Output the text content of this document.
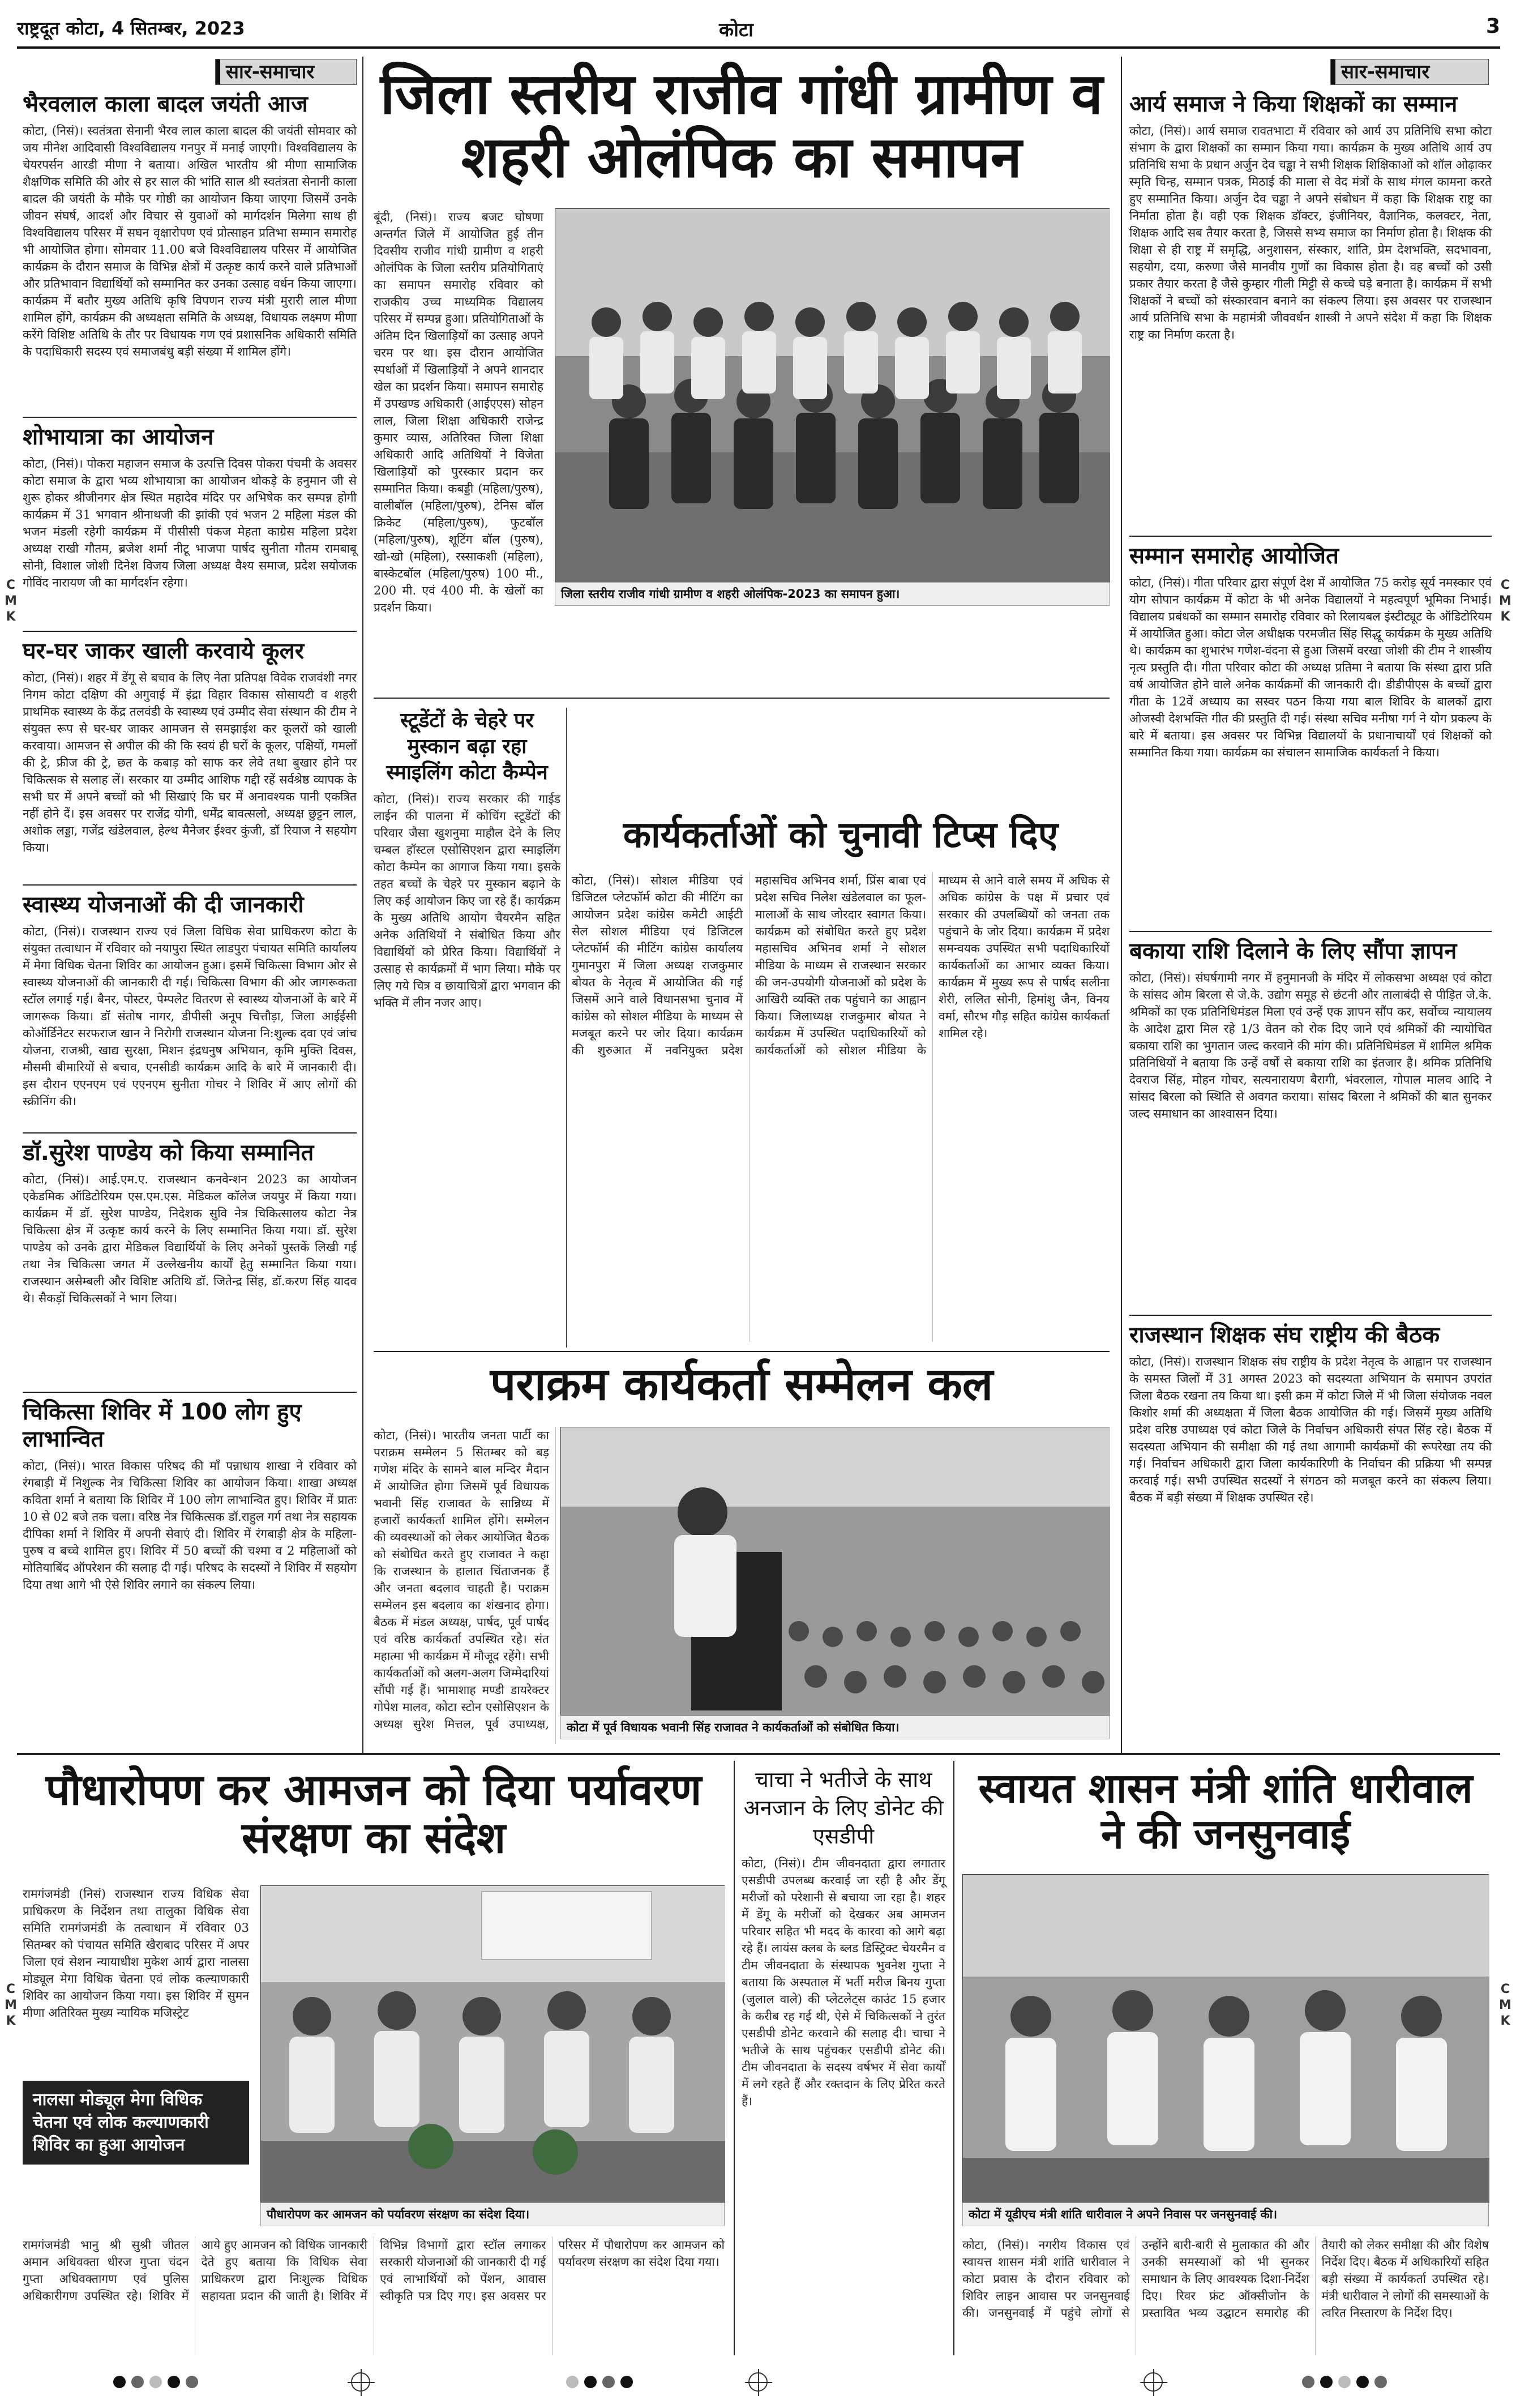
राष्ट्रदूत कोटा, 4 सितम्बर, 2023	कोटा	3
सार-समाचार
भैरवलाल काला बादल जयंती आज

कोटा, (निसं)। स्वतंत्रता सेनानी भैरव लाल काला बादल की जयंती सोमवार को जय मीनेश आदिवासी विश्वविद्यालय गनपुर में मनाई जाएगी। विश्वविद्यालय के चेयरपर्सन आरडी मीणा ने बताया। अखिल भारतीय श्री मीणा सामाजिक शैक्षणिक समिति की ओर से हर साल की भांति साल श्री स्वतंत्रता सेनानी काला बादल की जयंती के मौके पर गोष्ठी का आयोजन किया जाएगा जिसमें उनके जीवन संघर्ष, आदर्श और विचार से युवाओं को मार्गदर्शन मिलेगा साथ ही विश्वविद्यालय परिसर में सघन वृक्षारोपण एवं प्रोत्साहन प्रतिभा सम्मान समारोह भी आयोजित होगा। सोमवार 11.00 बजे विश्वविद्यालय परिसर में आयोजित कार्यक्रम के दौरान समाज के विभिन्न क्षेत्रों में उत्कृष्ट कार्य करने वाले प्रतिभाओं और प्रतिभावान विद्यार्थियों को सम्मानित कर उनका उत्साह वर्धन किया जाएगा। कार्यक्रम में बतौर मुख्य अतिथि कृषि विपणन राज्य मंत्री मुरारी लाल मीणा शामिल होंगे, कार्यक्रम की अध्यक्षता समिति के अध्यक्ष, विधायक लक्ष्मण मीणा करेंगे विशिष्ट अतिथि के तौर पर विधायक गण एवं प्रशासनिक अधिकारी समिति के पदाधिकारी सदस्य एवं समाजबंधु बड़ी संख्या में शामिल होंगे।

शोभायात्रा का आयोजन

कोटा, (निसं)। पोकरा महाजन समाज के उत्पत्ति दिवस पोकरा पंचमी के अवसर कोटा समाज के द्वारा भव्य शोभायात्रा का आयोजन थोकड़े के हनुमान जी से शुरू होकर श्रीजीनगर क्षेत्र स्थित महादेव मंदिर पर अभिषेक कर सम्पन्न होगी कार्यक्रम में 31 भगवान श्रीनाथजी की झांकी एवं भजन 2 महिला मंडल की भजन मंडली रहेगी कार्यक्रम में पीसीसी पंकज मेहता काग्रेस महिला प्रदेश अध्यक्ष राखी गौतम, ब्रजेश शर्मा नीटू भाजपा पार्षद सुनीता गौतम रामबाबू सोनी, विशाल जोशी दिनेश विजय जिला अध्यक्ष वैश्य समाज, प्रदेश सयोजक गोविंद नारायण जी का मार्गदर्शन रहेगा।

घर-घर जाकर खाली करवाये कूलर

कोटा, (निसं)। शहर में डेंगू से बचाव के लिए नेता प्रतिपक्ष विवेक राजवंशी नगर निगम कोटा दक्षिण की अगुवाई में इंद्रा विहार विकास सोसायटी व शहरी प्राथमिक स्वास्थ्य के केंद्र तलवंडी के स्वास्थ्य एवं उम्मीद सेवा संस्थान की टीम ने संयुक्त रूप से घर-घर जाकर आमजन से समझाईश कर कूलरों को खाली करवाया। आमजन से अपील की की कि स्वयं ही घरों के कूलर, पक्षियों, गमलों की ट्रे, फ्रीज की ट्रे, छत के कबाड़ को साफ कर लेवे तथा बुखार होने पर चिकित्सक से सलाह लें। सरकार या उम्मीद आशिफ गद्दी रहें सर्वश्रेष्ठ व्यापक के सभी घर में अपने बच्चों को भी सिखाएं कि घर में अनावश्यक पानी एकत्रित नहीं होने दें। इस अवसर पर राजेंद्र योगी, धर्मेंद्र बावत्सलो, अध्यक्ष छुट्टन लाल, अशोक लड्डा, गजेंद्र खंडेलवाल, हेल्थ मैनेजर ईश्वर कुंजी, डॉ रियाज ने सहयोग किया।

स्वास्थ्य योजनाओं की दी जानकारी

कोटा, (निसं)। राजस्थान राज्य एवं जिला विधिक सेवा प्राधिकरण कोटा के संयुक्त तत्वाधान में रविवार को नयापुरा स्थित लाडपुरा पंचायत समिति कार्यालय में मेगा विधिक चेतना शिविर का आयोजन हुआ। इसमें चिकित्सा विभाग ओर से स्वास्थ्य योजनाओं की जानकारी दी गई। चिकित्सा विभाग की ओर जागरूकता स्टॉल लगाई गई। बैनर, पोस्टर, पेम्पलेट वितरण से स्वास्थ्य योजनाओं के बारे में जागरूक किया। डॉ संतोष नागर, डीपीसी अनूप चित्तौड़ा, जिला आईईसी कोऑर्डिनेटर सरफराज खान ने निरोगी राजस्थान योजना नि:शुल्क दवा एवं जांच योजना, राजश्री, खाद्य सुरक्षा, मिशन इंद्रधनुष अभियान, कृमि मुक्ति दिवस, मौसमी बीमारियों से बचाव, एनसीडी कार्यक्रम आदि के बारे में जानकारी दी। इस दौरान एएनएम एवं एएनएम सुनीता गोचर ने शिविर में आए लोगों की स्क्रीनिंग की।

डॉ.सुरेश पाण्डेय को किया सम्मानित

कोटा, (निसं)। आई.एम.ए. राजस्थान कनवेन्शन 2023 का आयोजन एकेडमिक ऑडिटोरियम एस.एम.एस. मेडिकल कॉलेज जयपुर में किया गया। कार्यक्रम में डॉ. सुरेश पाण्डेय, निदेशक सुवि नेत्र चिकित्सालय कोटा नेत्र चिकित्सा क्षेत्र में उत्कृष्ट कार्य करने के लिए सम्मानित किया गया। डॉ. सुरेश पाण्डेय को उनके द्वारा मेडिकल विद्यार्थियों के लिए अनेकों पुस्तकें लिखी गई तथा नेत्र चिकित्सा जगत में उल्लेखनीय कार्यों हेतु सम्मानित किया गया। राजस्थान असेम्बली और विशिष्ट अतिथि डॉ. जितेन्द्र सिंह, डॉ.करण सिंह यादव थे। सैकड़ों चिकित्सकों ने भाग लिया।

चिकित्सा शिविर में 100 लोग हुए लाभान्वित

कोटा, (निसं)। भारत विकास परिषद की माँ पन्नाधाय शाखा ने रविवार को रंगबाड़ी में निशुल्क नेत्र चिकित्सा शिविर का आयोजन किया। शाखा अध्यक्ष कविता शर्मा ने बताया कि शिविर में 100 लोग लाभान्वित हुए। शिविर में प्रातः 10 से 02 बजे तक चला। वरिष्ठ नेत्र चिकित्सक डॉ.राहुल गर्ग तथा नेत्र सहायक दीपिका शर्मा ने शिविर में अपनी सेवाएं दी। शिविर में रंगबाड़ी क्षेत्र के महिला-पुरुष व बच्चे शामिल हुए। शिविर में 50 बच्चों की चश्मा व 2 महिलाओं को मोतियाबिंद ऑपरेशन की सलाह दी गई। परिषद के सदस्यों ने शिविर में सहयोग दिया तथा आगे भी ऐसे शिविर लगाने का संकल्प लिया।

जिला स्तरीय राजीव गांधी ग्रामीण व शहरी ओलंपिक का समापन
बूंदी, (निसं)। राज्य बजट घोषणा अन्तर्गत जिले में आयोजित हुई तीन दिवसीय राजीव गांधी ग्रामीण व शहरी ओलंपिक के जिला स्तरीय प्रतियोगिताएं का समापन समारोह रविवार को राजकीय उच्च माध्यमिक विद्यालय परिसर में सम्पन्न हुआ। प्रतियोगिताओं के अंतिम दिन खिलाड़ियों का उत्साह अपने चरम पर था। इस दौरान आयोजित स्पर्धाओं में खिलाड़ियों ने अपने शानदार खेल का प्रदर्शन किया। समापन समारोह में उपखण्ड अधिकारी (आईएएस) सोहन लाल, जिला शिक्षा अधिकारी राजेन्द्र कुमार व्यास, अतिरिक्त जिला शिक्षा अधिकारी आदि अतिथियों ने विजेता खिलाड़ियों को पुरस्कार प्रदान कर सम्मानित किया। कबड्डी (महिला/पुरुष), वालीबॉल (महिला/पुरुष), टेनिस बॉल क्रिकेट (महिला/पुरुष), फुटबॉल (महिला/पुरुष), शूटिंग बॉल (पुरुष), खो-खो (महिला), रस्साकशी (महिला), बास्केटबॉल (महिला/पुरुष) 100 मी., 200 मी. एवं 400 मी. के खेलों का प्रदर्शन किया।
जिला स्तरीय राजीव गांधी ग्रामीण व शहरी ओलंपिक-2023 का समापन हुआ।
स्टूडेंटों के चेहरे पर मुस्कान बढ़ा रहा स्माइलिंग कोटा कैम्पेन

कोटा, (निसं)। राज्य सरकार की गाईड लाईन की पालना में कोचिंग स्टूडेंटों की परिवार जैसा खुशनुमा माहौल देने के लिए चम्बल हॉस्टल एसोसिएशन द्वारा स्माइलिंग कोटा कैम्पेन का आगाज किया गया। इसके तहत बच्चों के चेहरे पर मुस्कान बढ़ाने के लिए कई आयोजन किए जा रहे हैं। कार्यक्रम के मुख्य अतिथि आयोग चैयरमैन सहित अनेक अतिथियों ने संबोधित किया और विद्यार्थियों को प्रेरित किया। विद्यार्थियों ने उत्साह से कार्यक्रमों में भाग लिया। मौके पर लिए गये चित्र व छायाचित्रों द्वारा भगवान की भक्ति में लीन नजर आए।

कार्यकर्ताओं को चुनावी टिप्स दिए
कोटा, (निसं)। सोशल मीडिया एवं डिजिटल प्लेटफॉर्म कोटा की मीटिंग का आयोजन प्रदेश कांग्रेस कमेटी आईटी सेल सोशल मीडिया एवं डिजिटल प्लेटफॉर्म की मीटिंग कांग्रेस कार्यालय गुमानपुरा में जिला अध्यक्ष राजकुमार बोयत के नेतृत्व में आयोजित की गई जिसमें आने वाले विधानसभा चुनाव में कांग्रेस को सोशल मीडिया के माध्यम से मजबूत करने पर जोर दिया। कार्यक्रम की शुरुआत में नवनियुक्त प्रदेश महासचिव अभिनव शर्मा, प्रिंस बाबा एवं प्रदेश सचिव निलेश खंडेलवाल का फूल-मालाओं के साथ जोरदार स्वागत किया। कार्यक्रम को संबोधित करते हुए प्रदेश महासचिव अभिनव शर्मा ने सोशल मीडिया के माध्यम से राजस्थान सरकार की जन-उपयोगी योजनाओं को प्रदेश के आखिरी व्यक्ति तक पहुंचाने का आह्वान किया। जिलाध्यक्ष राजकुमार बोयत ने कार्यक्रम में उपस्थित पदाधिकारियों को कार्यकर्ताओं को सोशल मीडिया के माध्यम से आने वाले समय में अधिक से अधिक कांग्रेस के पक्ष में प्रचार एवं सरकार की उपलब्धियों को जनता तक पहुंचाने के जोर दिया। कार्यक्रम में प्रदेश समन्वयक उपस्थित सभी पदाधिकारियों कार्यकर्ताओं का आभार व्यक्त किया। कार्यक्रम में मुख्य रूप से पार्षद सलीना शेरी, ललित सोनी, हिमांशु जैन, विनय वर्मा, सौरभ गौड़ सहित कांग्रेस कार्यकर्ता शामिल रहे।
पराक्रम कार्यकर्ता सम्मेलन कल
कोटा, (निसं)। भारतीय जनता पार्टी का पराक्रम सम्मेलन 5 सितम्बर को बड़ गणेश मंदिर के सामने बाल मन्दिर मैदान में आयोजित होगा जिसमें पूर्व विधायक भवानी सिंह राजावत के सान्निध्य में हजारों कार्यकर्ता शामिल होंगे। सम्मेलन की व्यवस्थाओं को लेकर आयोजित बैठक को संबोधित करते हुए राजावत ने कहा कि राजस्थान के हालात चिंताजनक हैं और जनता बदलाव चाहती है। पराक्रम सम्मेलन इस बदलाव का शंखनाद होगा। बैठक में मंडल अध्यक्ष, पार्षद, पूर्व पार्षद एवं वरिष्ठ कार्यकर्ता उपस्थित रहे। संत महात्मा भी कार्यक्रम में मौजूद रहेंगे। सभी कार्यकर्ताओं को अलग-अलग जिम्मेदारियां सौंपी गई हैं। भामाशाह मण्डी डायरेक्टर गोपेश मालव, कोटा स्टोन एसोसिएशन के अध्यक्ष सुरेश मित्तल, पूर्व उपाध्यक्ष,	कोटा में पूर्व विधायक भवानी सिंह राजावत ने कार्यकर्ताओं को संबोधित किया।
सार-समाचार
आर्य समाज ने किया शिक्षकों का सम्मान

कोटा, (निसं)। आर्य समाज रावतभाटा में रविवार को आर्य उप प्रतिनिधि सभा कोटा संभाग के द्वारा शिक्षकों का सम्मान किया गया। कार्यक्रम के मुख्य अतिथि आर्य उप प्रतिनिधि सभा के प्रधान अर्जुन देव चड्ढा ने सभी शिक्षक शिक्षिकाओं को शॉल ओढ़ाकर स्मृति चिन्ह, सम्मान पत्रक, मिठाई की माला से वेद मंत्रों के साथ मंगल कामना करते हुए सम्मानित किया। अर्जुन देव चड्ढा ने अपने संबोधन में कहा कि शिक्षक राष्ट्र का निर्माता होता है। वही एक शिक्षक डॉक्टर, इंजीनियर, वैज्ञानिक, कलक्टर, नेता, शिक्षक आदि सब तैयार करता है, जिससे सभ्य समाज का निर्माण होता है। शिक्षक की शिक्षा से ही राष्ट्र में समृद्धि, अनुशासन, संस्कार, शांति, प्रेम देशभक्ति, सदभावना, सहयोग, दया, करुणा जैसे मानवीय गुणों का विकास होता है। वह बच्चों को उसी प्रकार तैयार करता है जैसे कुम्हार गीली मिट्टी से कच्चे घड़े बनाता है। कार्यक्रम में सभी शिक्षकों ने बच्चों को संस्कारवान बनाने का संकल्प लिया। इस अवसर पर राजस्थान आर्य प्रतिनिधि सभा के महामंत्री जीववर्धन शास्त्री ने अपने संदेश में कहा कि शिक्षक राष्ट्र का निर्माण करता है।

सम्मान समारोह आयोजित

कोटा, (निसं)। गीता परिवार द्वारा संपूर्ण देश में आयोजित 75 करोड़ सूर्य नमस्कार एवं योग सोपान कार्यक्रम में कोटा के भी अनेक विद्यालयों ने महत्वपूर्ण भूमिका निभाई। विद्यालय प्रबंधकों का सम्मान समारोह रविवार को रिलायबल इंस्टीट्यूट के ऑडिटोरियम में आयोजित हुआ। कोटा जेल अधीक्षक परमजीत सिंह सिद्धू कार्यक्रम के मुख्य अतिथि थे। कार्यक्रम का शुभारंभ गणेश-वंदना से हुआ जिसमें वरखा जोशी की टीम ने शास्त्रीय नृत्य प्रस्तुति दी। गीता परिवार कोटा की अध्यक्ष प्रतिमा ने बताया कि संस्था द्वारा प्रति वर्ष आयोजित होने वाले अनेक कार्यक्रमों की जानकारी दी। डीडीपीएस के बच्चों द्वारा गीता के 12वें अध्याय का सस्वर पठन किया गया बाल शिविर के बालकों द्वारा ओजस्वी देशभक्ति गीत की प्रस्तुति दी गई। संस्था सचिव मनीषा गर्ग ने योग प्रकल्प के बारे में बताया। इस अवसर पर विभिन्न विद्यालयों के प्रधानाचार्यों एवं शिक्षकों को सम्मानित किया गया। कार्यक्रम का संचालन सामाजिक कार्यकर्ता ने किया।

बकाया राशि दिलाने के लिए सौंपा ज्ञापन

कोटा, (निसं)। संघर्षगामी नगर में हनुमानजी के मंदिर में लोकसभा अध्यक्ष एवं कोटा के सांसद ओम बिरला से जे.के. उद्योग समूह से छंटनी और तालाबंदी से पीड़ित जे.के. श्रमिकों का एक प्रतिनिधिमंडल मिला एवं उन्हें एक ज्ञापन सौंप कर, सर्वोच्च न्यायालय के आदेश द्वारा मिल रहे 1/3 वेतन को रोक दिए जाने एवं श्रमिकों की न्यायोचित बकाया राशि का भुगतान जल्द करवाने की मांग की। प्रतिनिधिमंडल में शामिल श्रमिक प्रतिनिधियों ने बताया कि उन्हें वर्षों से बकाया राशि का इंतजार है। श्रमिक प्रतिनिधि देवराज सिंह, मोहन गोचर, सत्यनारायण बैरागी, भंवरलाल, गोपाल मालव आदि ने सांसद बिरला को स्थिति से अवगत कराया। सांसद बिरला ने श्रमिकों की बात सुनकर जल्द समाधान का आश्वासन दिया।

राजस्थान शिक्षक संघ राष्ट्रीय की बैठक

कोटा, (निसं)। राजस्थान शिक्षक संघ राष्ट्रीय के प्रदेश नेतृत्व के आह्वान पर राजस्थान के समस्त जिलों में 31 अगस्त 2023 को सदस्यता अभियान के समापन उपरांत जिला बैठक रखना तय किया था। इसी क्रम में कोटा जिले में भी जिला संयोजक नवल किशोर शर्मा की अध्यक्षता में जिला बैठक आयोजित की गई। जिसमें मुख्य अतिथि प्रदेश वरिष्ठ उपाध्यक्ष एवं कोटा जिले के निर्वाचन अधिकारी संपत सिंह रहे। बैठक में सदस्यता अभियान की समीक्षा की गई तथा आगामी कार्यक्रमों की रूपरेखा तय की गई। निर्वाचन अधिकारी द्वारा जिला कार्यकारिणी के निर्वाचन की प्रक्रिया भी सम्पन्न करवाई गई। सभी उपस्थित सदस्यों ने संगठन को मजबूत करने का संकल्प लिया। बैठक में बड़ी संख्या में शिक्षक उपस्थित रहे।

पौधारोपण कर आमजन को दिया पर्यावरण संरक्षण का संदेश
रामगंजमंडी (निसं) राजस्थान राज्य विधिक सेवा प्राधिकरण के निर्देशन तथा तालुका विधिक सेवा समिति रामगंजमंडी के तत्वाधान में रविवार 03 सितम्बर को पंचायत समिति खैराबाद परिसर में अपर जिला एवं सेशन न्यायाधीश मुकेश आर्य द्वारा नालसा मोड्यूल मेगा विधिक चेतना एवं लोक कल्याणकारी शिविर का आयोजन किया गया। इस शिविर में सुमन मीणा अतिरिक्त मुख्य न्यायिक मजिस्ट्रेट
नालसा मोड्यूल मेगा विधिक चेतना एवं लोक कल्याणकारी शिविर का हुआ आयोजन
पौधारोपण कर आमजन को पर्यावरण संरक्षण का संदेश दिया।
रामगंजमंडी भानु श्री सुश्री जीतल अमान अधिवक्ता धीरज गुप्ता चंदन गुप्ता अधिवक्तागण एवं पुलिस अधिकारीगण उपस्थित रहे। शिविर में आये हुए आमजन को विधिक जानकारी देते हुए बताया कि विधिक सेवा प्राधिकरण द्वारा निःशुल्क विधिक सहायता प्रदान की जाती है। शिविर में विभिन्न विभागों द्वारा स्टॉल लगाकर सरकारी योजनाओं की जानकारी दी गई एवं लाभार्थियों को पेंशन, आवास स्वीकृति पत्र दिए गए। इस अवसर पर परिसर में पौधारोपण कर आमजन को पर्यावरण संरक्षण का संदेश दिया गया।
चाचा ने भतीजे के साथ अनजान के लिए डोनेट की एसडीपी

कोटा, (निसं)। टीम जीवनदाता द्वारा लगातार एसडीपी उपलब्ध करवाई जा रही है और डेंगू मरीजों को परेशानी से बचाया जा रहा है। शहर में डेंगू के मरीजों को देखकर अब आमजन परिवार सहित भी मदद के कारवा को आगे बढ़ा रहे हैं। लायंस क्लब के ब्लड डिस्ट्रिक्ट चेयरमैन व टीम जीवनदाता के संस्थापक भुवनेश गुप्ता ने बताया कि अस्पताल में भर्ती मरीज बिनय गुप्ता (जुलाल वाले) की प्लेटलेट्स काउंट 15 हजार के करीब रह गई थी, ऐसे में चिकित्सकों ने तुरंत एसडीपी डोनेट करवाने की सलाह दी। चाचा ने भतीजे के साथ पहुंचकर एसडीपी डोनेट की। टीम जीवनदाता के सदस्य वर्षभर में सेवा कार्यों में लगे रहते हैं और रक्तदान के लिए प्रेरित करते हैं।

स्वायत शासन मंत्री शांति धारीवाल ने की जनसुनवाई
कोटा में यूडीएच मंत्री शांति धारीवाल ने अपने निवास पर जनसुनवाई की।
कोटा, (निसं)। नगरीय विकास एवं स्वायत्त शासन मंत्री शांति धारीवाल ने कोटा प्रवास के दौरान रविवार को शिविर लाइन आवास पर जनसुनवाई की। जनसुनवाई में पहुंचे लोगों से उन्होंने बारी-बारी से मुलाकात की और उनकी समस्याओं को भी सुनकर समाधान के लिए आवश्यक दिशा-निर्देश दिए। रिवर फ्रंट ऑक्सीजोन के प्रस्तावित भव्य उद्घाटन समारोह की तैयारी को लेकर समीक्षा की और विशेष निर्देश दिए। बैठक में अधिकारियों सहित बड़ी संख्या में कार्यकर्ता उपस्थित रहे। मंत्री धारीवाल ने लोगों की समस्याओं के त्वरित निस्तारण के निर्देश दिए।
C
M
K
C
M
K
C
M
K
C
M
K
